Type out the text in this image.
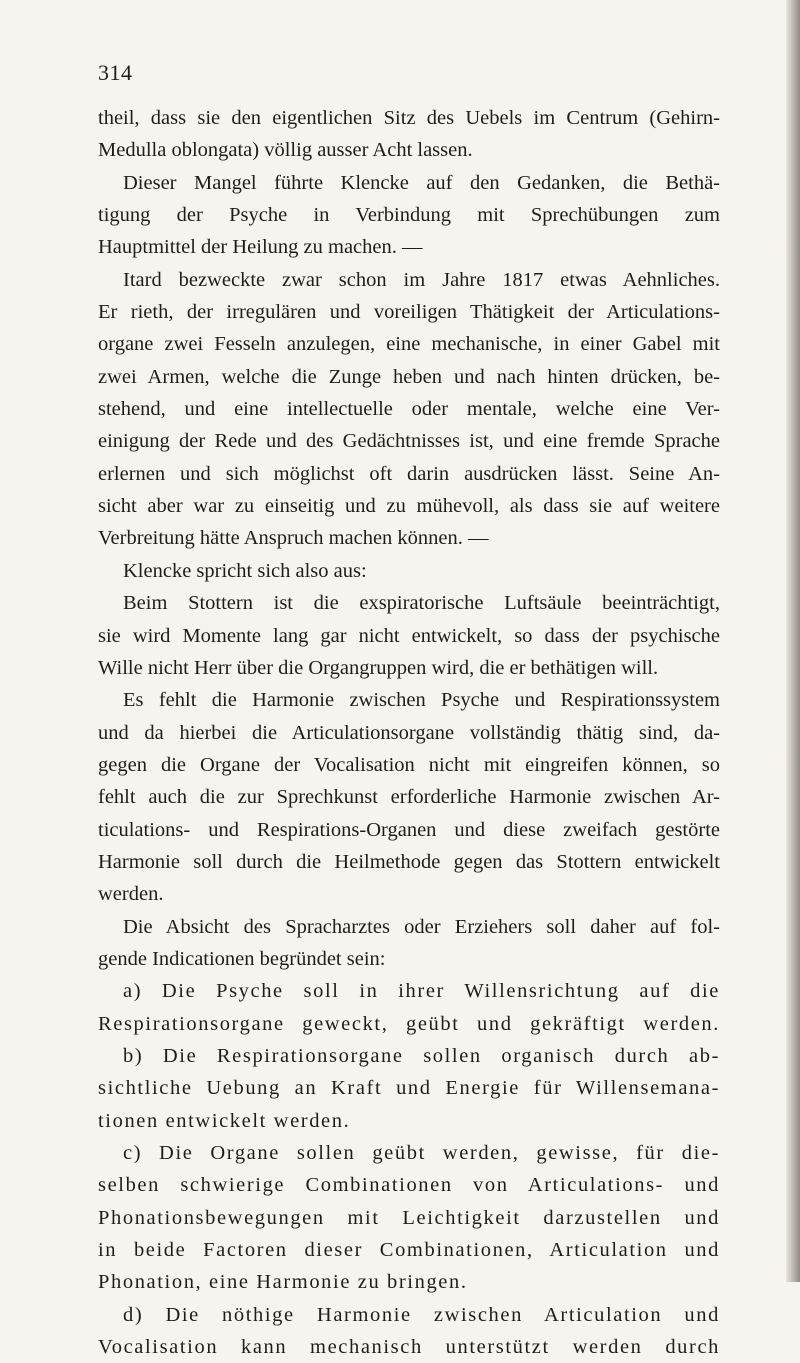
314
theil, dass sie den eigentlichen Sitz des Uebels im Centrum (Gehirn-
Medulla oblongata) völlig ausser Acht lassen.
Dieser Mangel führte Klencke auf den Gedanken, die Bethä-
tigung der Psyche in Verbindung mit Sprechübungen zum
Hauptmittel der Heilung zu machen. —
Itard bezweckte zwar schon im Jahre 1817 etwas Aehnliches.
Er rieth, der irregulären und voreiligen Thätigkeit der Articulations-
organe zwei Fesseln anzulegen, eine mechanische, in einer Gabel mit
zwei Armen, welche die Zunge heben und nach hinten drücken, be-
stehend, und eine intellectuelle oder mentale, welche eine Ver-
einigung der Rede und des Gedächtnisses ist, und eine fremde Sprache
erlernen und sich möglichst oft darin ausdrücken lässt. Seine An-
sicht aber war zu einseitig und zu mühevoll, als dass sie auf weitere
Verbreitung hätte Anspruch machen können. —
Klencke spricht sich also aus:
Beim Stottern ist die exspiratorische Luftsäule beeinträchtigt,
sie wird Momente lang gar nicht entwickelt, so dass der psychische
Wille nicht Herr über die Organgruppen wird, die er bethätigen will.
Es fehlt die Harmonie zwischen Psyche und Respirationssystem
und da hierbei die Articulationsorgane vollständig thätig sind, da-
gegen die Organe der Vocalisation nicht mit eingreifen können, so
fehlt auch die zur Sprechkunst erforderliche Harmonie zwischen Ar-
ticulations- und Respirations-Organen und diese zweifach gestörte
Harmonie soll durch die Heilmethode gegen das Stottern entwickelt
werden.
Die Absicht des Spracharztes oder Erziehers soll daher auf fol-
gende Indicationen begründet sein:
a) Die Psyche soll in ihrer Willensrichtung auf die
Respirationsorgane geweckt, geübt und gekräftigt werden.
b) Die Respirationsorgane sollen organisch durch ab-
sichtliche Uebung an Kraft und Energie für Willensemana-
tionen entwickelt werden.
c) Die Organe sollen geübt werden, gewisse, für die-
selben schwierige Combinationen von Articulations- und
Phonationsbewegungen mit Leichtigkeit darzustellen und
in beide Factoren dieser Combinationen, Articulation und
Phonation, eine Harmonie zu bringen.
d) Die nöthige Harmonie zwischen Articulation und
Vocalisation kann mechanisch unterstützt werden durch
